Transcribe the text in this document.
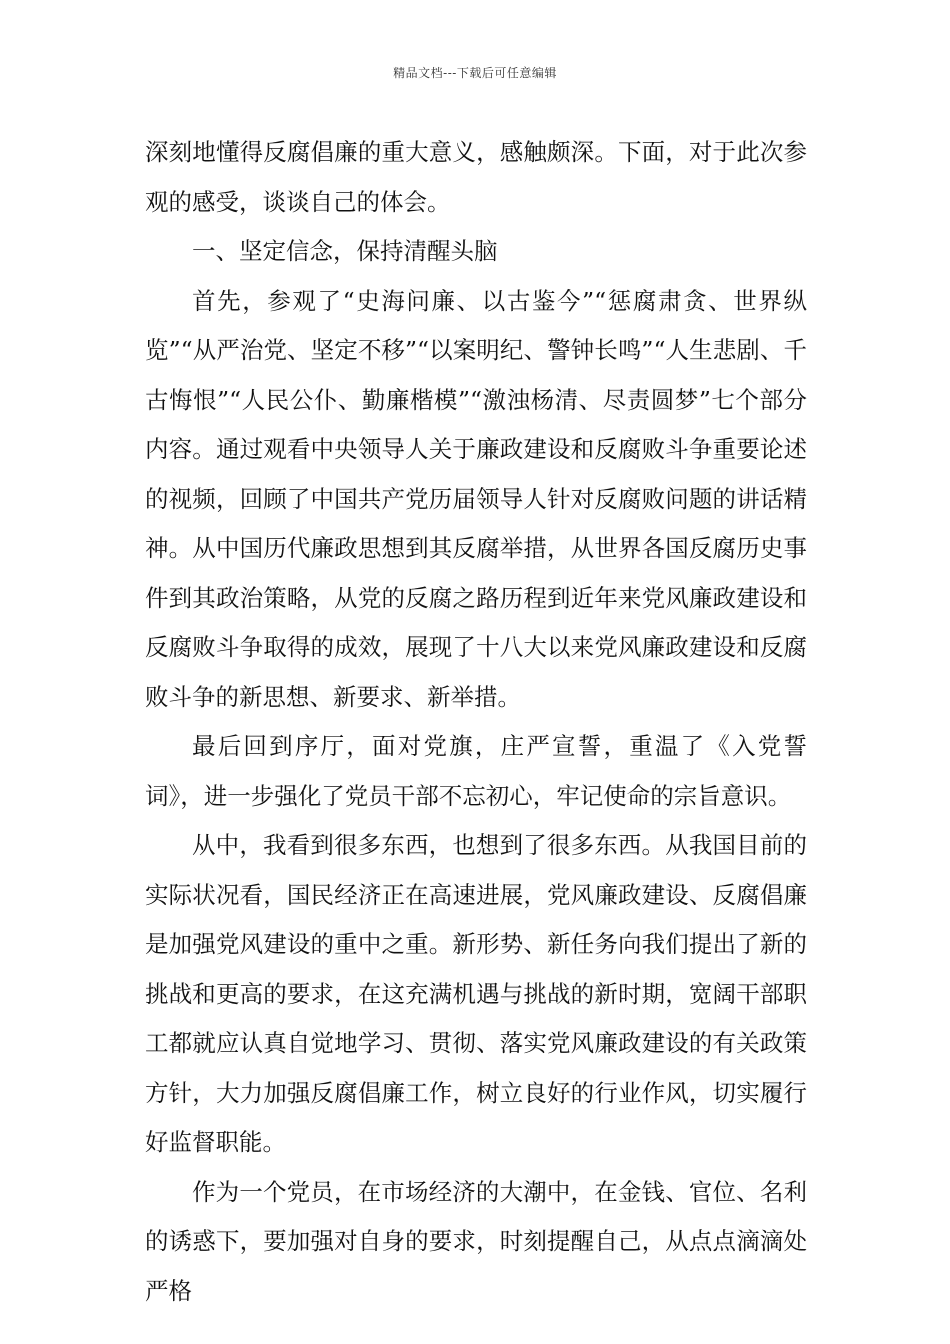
精品文档---下载后可任意编辑

深刻地懂得反腐倡廉的重大意义，感触颇深。下面，对于此次参观的感受，谈谈自己的体会。

一、坚定信念，保持清醒头脑

首先，参观了“史海问廉、以古鉴今”“惩腐肃贪、世界纵览”“从严治党、坚定不移”“以案明纪、警钟长鸣”“人生悲剧、千古悔恨”“人民公仆、勤廉楷模”“激浊杨清、尽责圆梦”七个部分内容。通过观看中央领导人关于廉政建设和反腐败斗争重要论述的视频，回顾了中国共产党历届领导人针对反腐败问题的讲话精神。从中国历代廉政思想到其反腐举措，从世界各国反腐历史事件到其政治策略，从党的反腐之路历程到近年来党风廉政建设和反腐败斗争取得的成效，展现了十八大以来党风廉政建设和反腐败斗争的新思想、新要求、新举措。

最后回到序厅，面对党旗，庄严宣誓，重温了《入党誓词》，进一步强化了党员干部不忘初心，牢记使命的宗旨意识。

从中，我看到很多东西，也想到了很多东西。从我国目前的实际状况看，国民经济正在高速进展，党风廉政建设、反腐倡廉是加强党风建设的重中之重。新形势、新任务向我们提出了新的挑战和更高的要求，在这充满机遇与挑战的新时期，宽阔干部职工都就应认真自觉地学习、贯彻、落实党风廉政建设的有关政策方针，大力加强反腐倡廉工作，树立良好的行业作风，切实履行好监督职能。

作为一个党员，在市场经济的大潮中，在金钱、官位、名利的诱惑下，要加强对自身的要求，时刻提醒自己，从点点滴滴处严格
